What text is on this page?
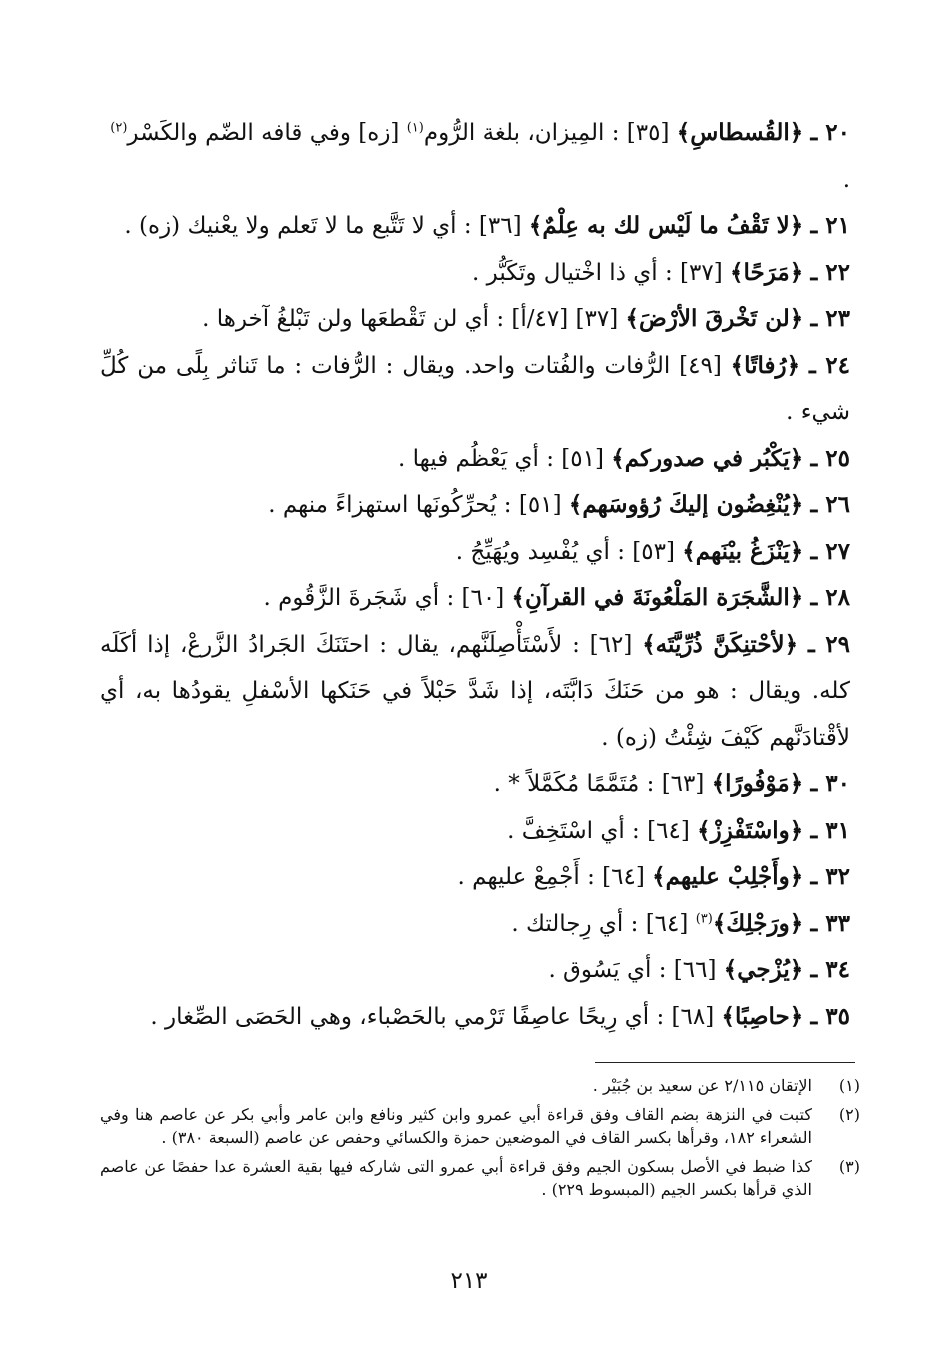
٢٠ ـ ﴿القُسطاسِ﴾ [٣٥] : المِيزان، بلغة الرُّوم$^{(١)}$ [زه] وفي قافه الضّم والكَسْر$^{(٢)}$ .

٢١ ـ ﴿لا تَقْفُ ما لَيْس لك به عِلْمٌ﴾ [٣٦] : أي لا تَتَّبع ما لا تَعلم ولا يعْنيك (زه) .

٢٢ ـ ﴿مَرَحًا﴾ [٣٧] : أي ذا اخْتيال وتَكَبُّر .

٢٣ ـ ﴿لن تَخْرقَ الأرْضَ﴾ [٣٧] [٤٧/أ] : أي لن تَقْطعَها ولن تَبْلغُ آخرها .

٢٤ ـ ﴿رُفاتًا﴾ [٤٩] الرُّفات والفُتات واحد. ويقال : الرُّفات : ما تَناثر بِلًى من كُلِّ شيء .

٢٥ ـ ﴿يَكْبُر في صدوركم﴾ [٥١] : أي يَعْظُم فيها .

٢٦ ـ ﴿يُنْغِضُون إليكَ رُؤوسَهم﴾ [٥١] : يُحرِّكُونَها استهزاءً منهم .

٢٧ ـ ﴿يَنْزَغُ بيْنَهم﴾ [٥٣] : أي يُفْسِد ويُهَيِّجُ .

٢٨ ـ ﴿الشَّجَرَة المَلْعُونَةَ في القرآنِ﴾ [٦٠] : أي شَجَرةَ الزَّقُوم .

٢٩ ـ ﴿لأحْتنِكَنَّ ذُرِّيَّتَه﴾ [٦٢] : لأَسْتَأْصِلَنَّهم، يقال : احتَنَكَ الجَرادُ الزَّرعْ، إذا أكَلَه كله. ويقال : هو من حَنَكَ دَابَّتَه، إذا شَدَّ حَبْلاً في حَنَكها الأسْفلِ يقودُها به، أي لأقْتادَنَّهم كَيْفَ شِئْتُ (زه) .

٣٠ ـ ﴿مَوْفُورًا﴾ [٦٣] : مُتَمَّمًا مُكَمَّلاً * .

٣١ ـ ﴿واسْتَفْزِزْ﴾ [٦٤] : أي اسْتَخِفَّ .

٣٢ ـ ﴿وأَجْلِبْ عليهم﴾ [٦٤] : أَجْمِعْ عليهم .

٣٣ ـ ﴿ورَجْلِكَ﴾$^{(٣)}$ [٦٤] : أي رِجالتك .

٣٤ ـ ﴿يُزْجي﴾ [٦٦] : أي يَسُوق .

٣٥ ـ ﴿حاصِبًا﴾ [٦٨] : أي رِيحًا عاصِفًا تَرْمي بالحَصْباء، وهي الحَصَى الصِّغار .

(١)
الإتقان ٢/١١٥ عن سعيد بن جُبَيْر .
(٢)
كتبت في النزهة بضم القاف وفق قراءة أبي عمرو وابن كثير ونافع وابن عامر وأبي بكر عن عاصم هنا وفي الشعراء ١٨٢، وقرأها بكسر القاف في الموضعين حمزة والكسائي وحفص عن عاصم (السبعة ٣٨٠) .
(٣)
كذا ضبط في الأصل بسكون الجيم وفق قراءة أبي عمرو التى شاركه فيها بقية العشرة عدا حفصًا عن عاصم الذي قرأها بكسر الجيم (المبسوط ٢٢٩) .
٢١٣
